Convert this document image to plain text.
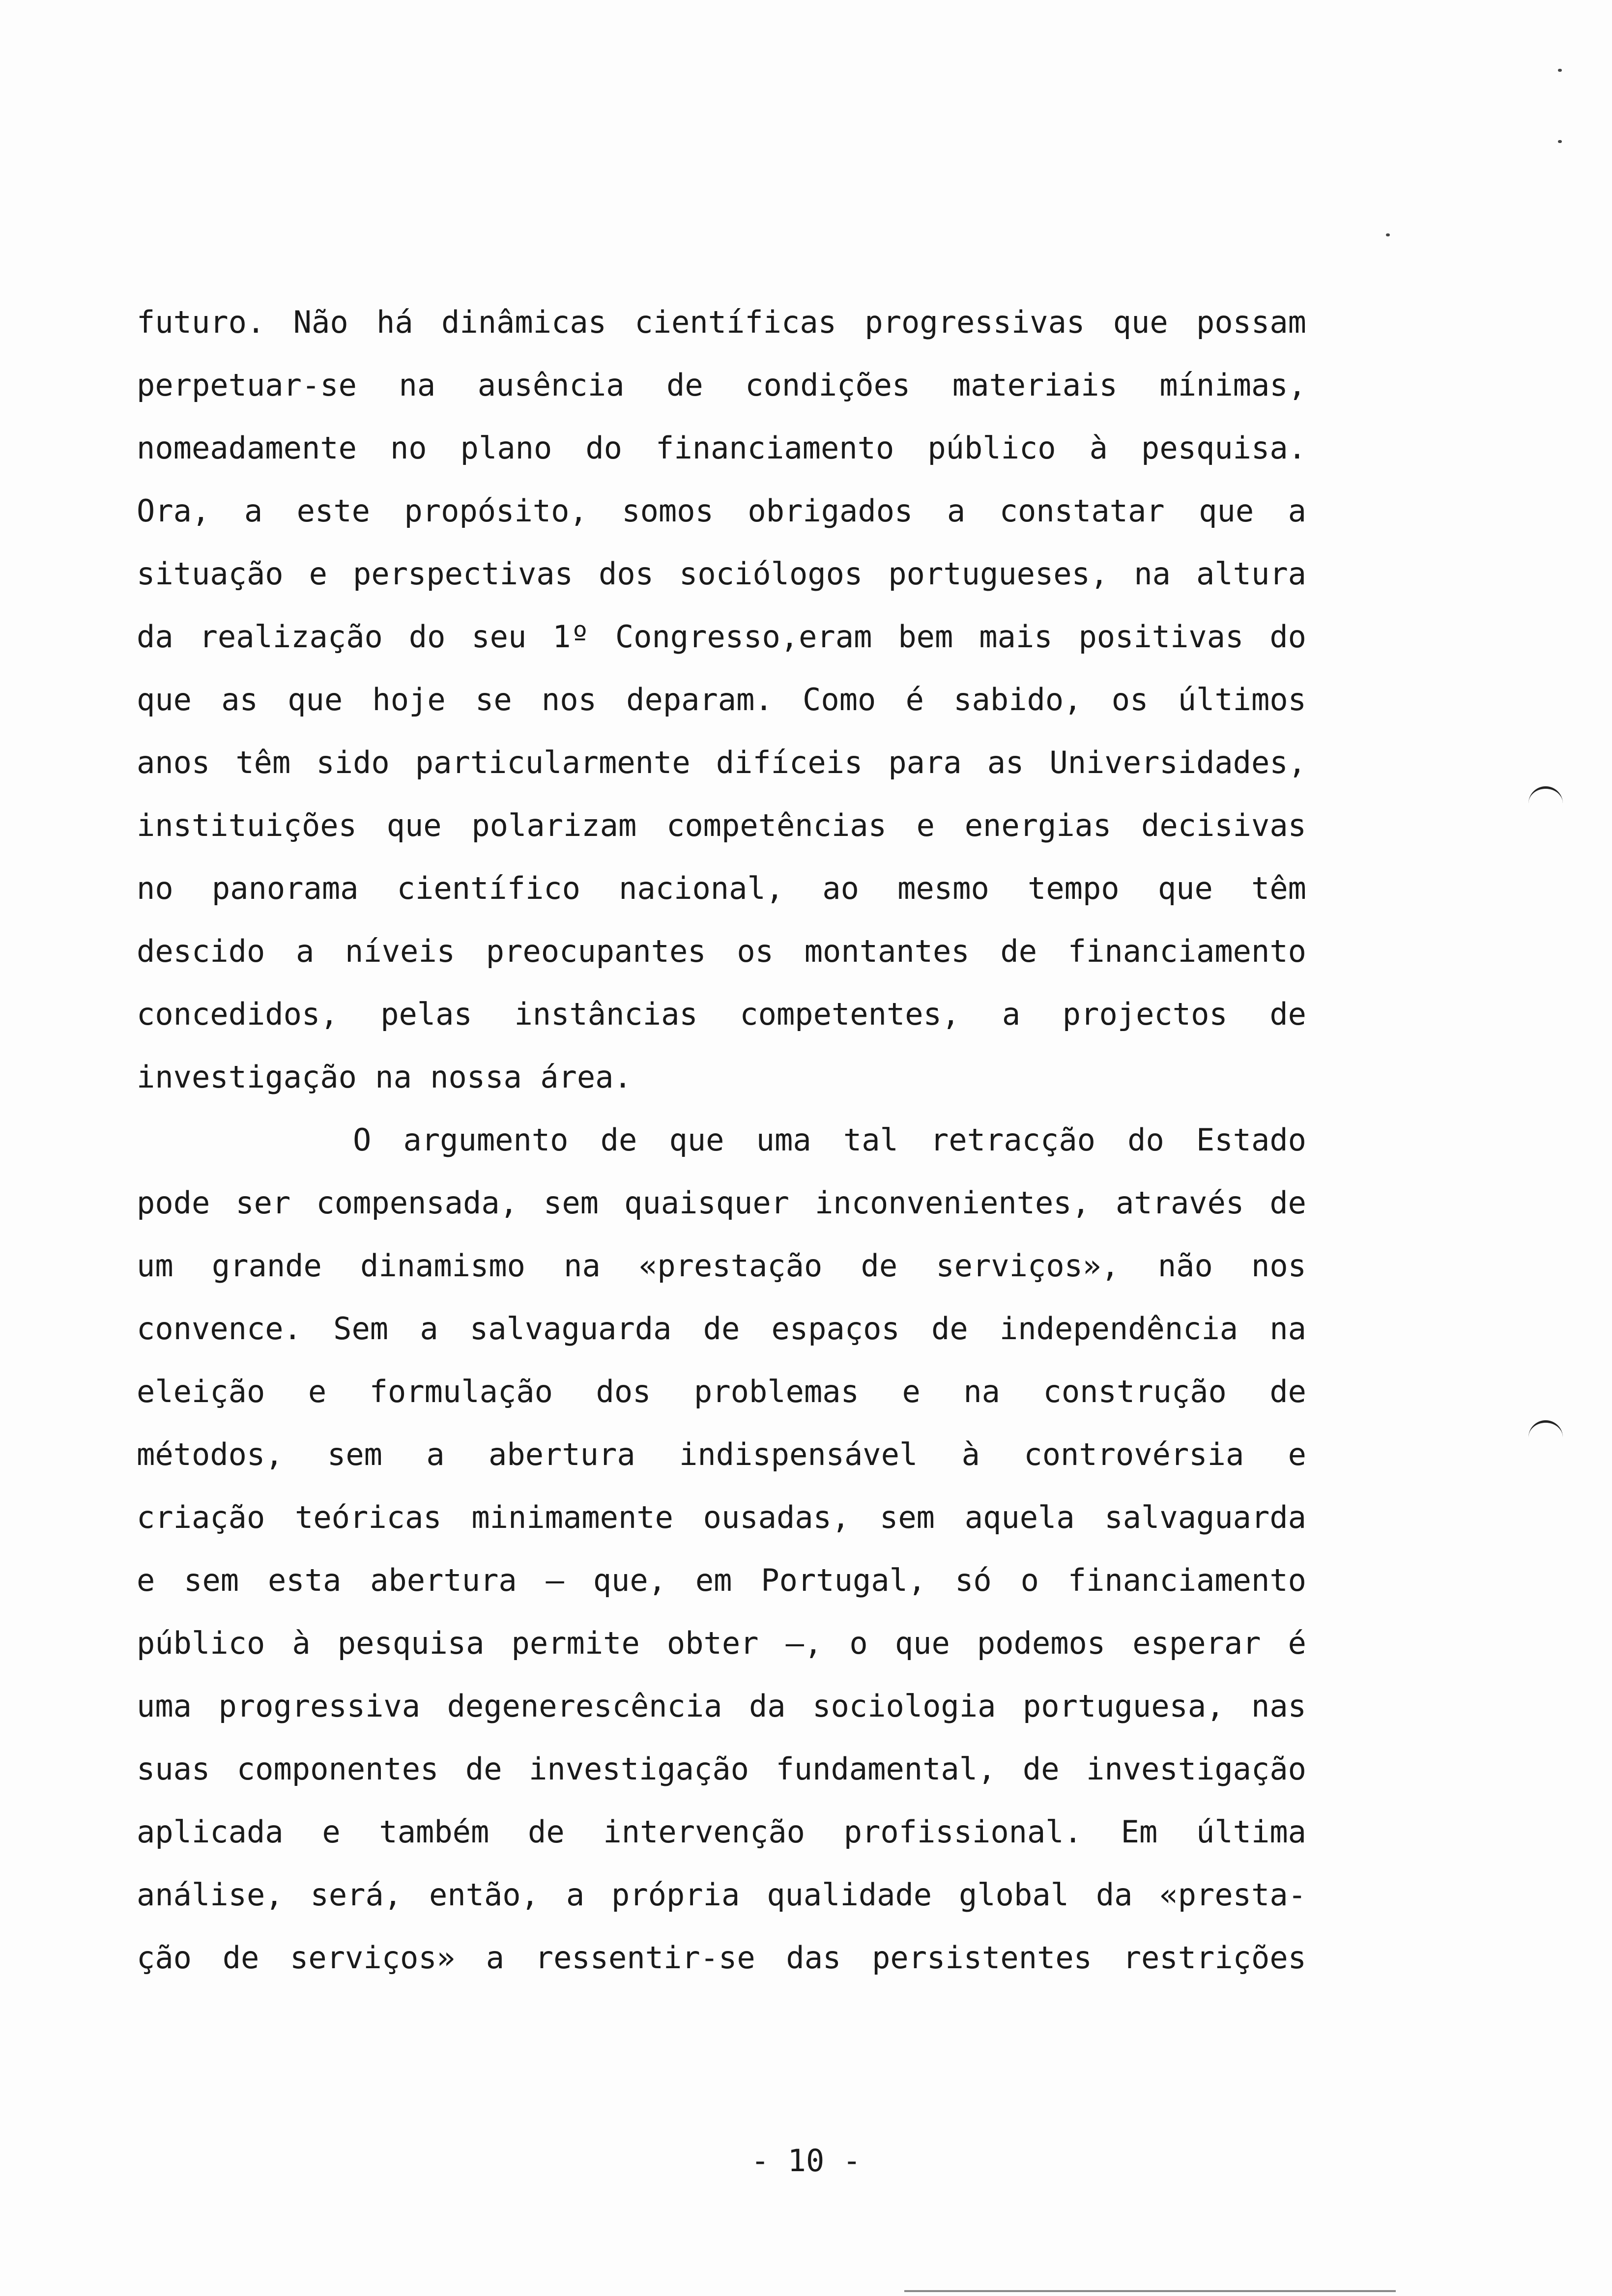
futuro. Não há dinâmicas científicas progressivas que possam
perpetuar-se na ausência de condições materiais mínimas,
nomeadamente no plano do financiamento público à pesquisa.
Ora, a este propósito, somos obrigados a constatar que a
situação e perspectivas dos sociólogos portugueses, na altura
da realização do seu 1º Congresso,eram bem mais positivas do
que as que hoje se nos deparam. Como é sabido, os últimos
anos têm sido particularmente difíceis para as Universidades,
instituições que polarizam competências e energias decisivas
no panorama científico nacional, ao mesmo tempo que têm
descido a níveis preocupantes os montantes de financiamento
concedidos, pelas instâncias competentes, a projectos de
investigação na nossa área.
O argumento de que uma tal retracção do Estado
pode ser compensada, sem quaisquer inconvenientes, através de
um grande dinamismo na «prestação de serviços», não nos
convence. Sem a salvaguarda de espaços de independência na
eleição e formulação dos problemas e na construção de
métodos, sem a abertura indispensável à controvérsia e
criação teóricas minimamente ousadas, sem aquela salvaguarda
e sem esta abertura — que, em Portugal, só o financiamento
público à pesquisa permite obter —, o que podemos esperar é
uma progressiva degenerescência da sociologia portuguesa, nas
suas componentes de investigação fundamental, de investigação
aplicada e também de intervenção profissional. Em última
análise, será, então, a própria qualidade global da «presta-
ção de serviços» a ressentir-se das persistentes restrições
- 10 -
